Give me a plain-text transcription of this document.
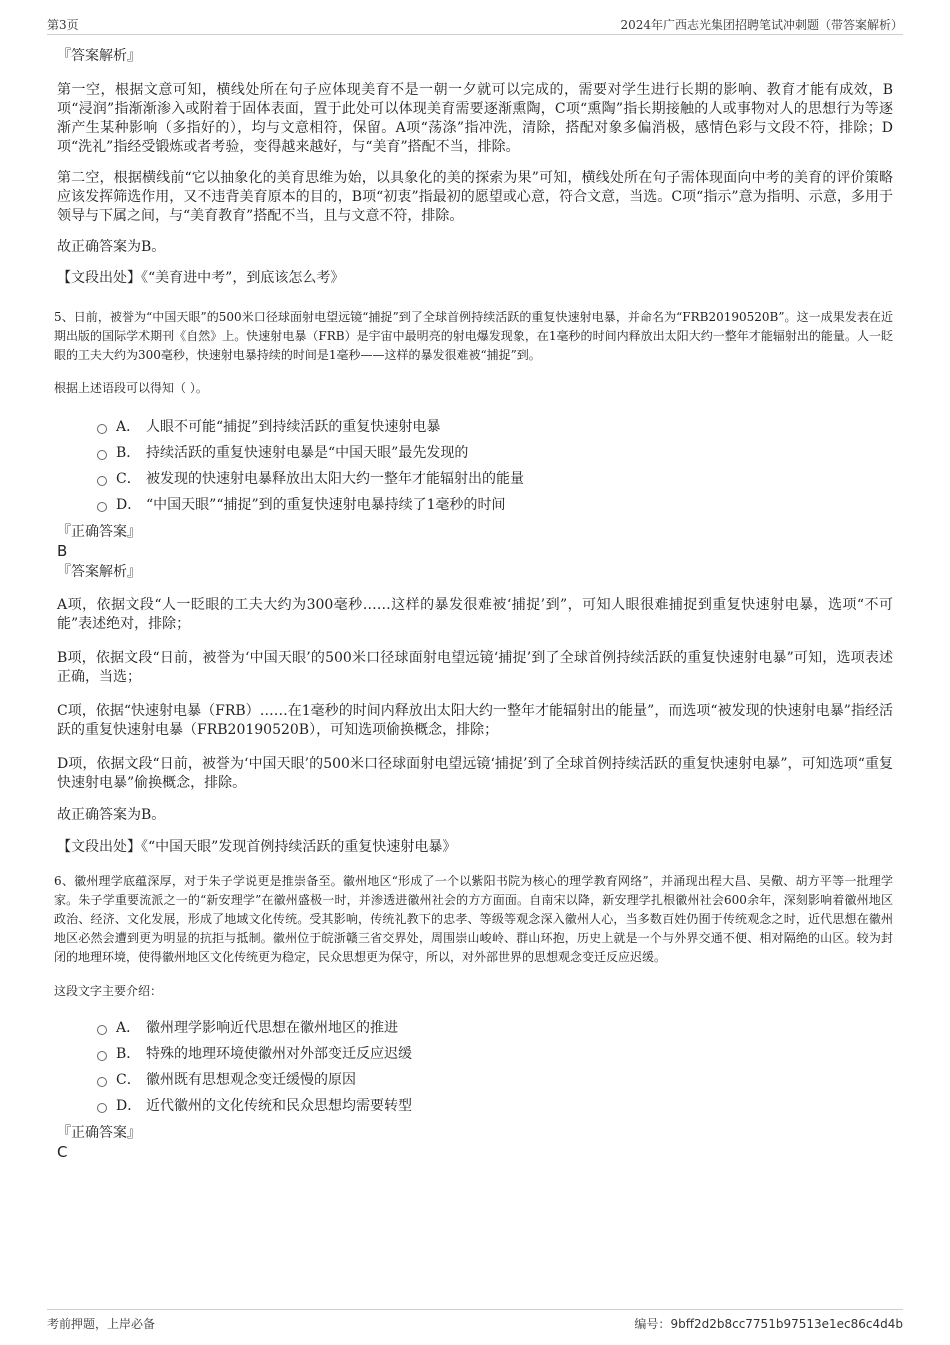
第3页	2024年广西志光集团招聘笔试冲刺题（带答案解析）

『答案解析』

第一空，根据文意可知，横线处所在句子应体现美育不是一朝一夕就可以完成的，需要对学生进行长期的影响、教育才能有成效，B项“浸润”指渐渐渗入或附着于固体表面，置于此处可以体现美育需要逐渐熏陶，C项“熏陶”指长期接触的人或事物对人的思想行为等逐渐产生某种影响（多指好的），均与文意相符，保留。A项“荡涤”指冲洗，清除，搭配对象多偏消极，感情色彩与文段不符，排除；D项“洗礼”指经受锻炼或者考验，变得越来越好，与“美育”搭配不当，排除。

第二空，根据横线前“它以抽象化的美育思维为始，以具象化的美的探索为果”可知，横线处所在句子需体现面向中考的美育的评价策略应该发挥筛选作用，又不违背美育原本的目的，B项“初衷”指最初的愿望或心意，符合文意，当选。C项“指示”意为指明、示意，多用于领导与下属之间，与“美育教育”搭配不当，且与文意不符，排除。

故正确答案为B。

【文段出处】《“美育进中考”，到底该怎么考》

5、日前，被誉为“中国天眼”的500米口径球面射电望远镜“捕捉”到了全球首例持续活跃的重复快速射电暴，并命名为“FRB20190520B”。这一成果发表在近期出版的国际学术期刊《自然》上。快速射电暴（FRB）是宇宙中最明亮的射电爆发现象，在1毫秒的时间内释放出太阳大约一整年才能辐射出的能量。人一眨眼的工夫大约为300毫秒，快速射电暴持续的时间是1毫秒——这样的暴发很难被“捕捉”到。

根据上述语段可以得知（ ）。

A． 人眼不可能“捕捉”到持续活跃的重复快速射电暴
B． 持续活跃的重复快速射电暴是“中国天眼”最先发现的
C． 被发现的快速射电暴释放出太阳大约一整年才能辐射出的能量
D． “中国天眼”“捕捉”到的重复快速射电暴持续了1毫秒的时间

『正确答案』

B

『答案解析』

A项，依据文段“人一眨眼的工夫大约为300毫秒……这样的暴发很难被‘捕捉’到”，可知人眼很难捕捉到重复快速射电暴，选项“不可能”表述绝对，排除；

B项，依据文段“日前，被誉为‘中国天眼’的500米口径球面射电望远镜‘捕捉’到了全球首例持续活跃的重复快速射电暴”可知，选项表述正确，当选；

C项，依据“快速射电暴（FRB）……在1毫秒的时间内释放出太阳大约一整年才能辐射出的能量”，而选项“被发现的快速射电暴”指经活跃的重复快速射电暴（FRB20190520B），可知选项偷换概念，排除；

D项，依据文段“日前，被誉为‘中国天眼’的500米口径球面射电望远镜‘捕捉’到了全球首例持续活跃的重复快速射电暴”，可知选项“重复快速射电暴”偷换概念，排除。

故正确答案为B。

【文段出处】《“中国天眼”发现首例持续活跃的重复快速射电暴》

6、徽州理学底蕴深厚，对于朱子学说更是推崇备至。徽州地区“形成了一个以紫阳书院为核心的理学教育网络”，并涌现出程大昌、吴儆、胡方平等一批理学家。朱子学重要流派之一的“新安理学”在徽州盛极一时，并渗透进徽州社会的方方面面。自南宋以降，新安理学扎根徽州社会600余年，深刻影响着徽州地区政治、经济、文化发展，形成了地域文化传统。受其影响，传统礼教下的忠孝、等级等观念深入徽州人心，当多数百姓仍囿于传统观念之时，近代思想在徽州地区必然会遭到更为明显的抗拒与抵制。徽州位于皖浙赣三省交界处，周围崇山峻岭、群山环抱，历史上就是一个与外界交通不便、相对隔绝的山区。较为封闭的地理环境，使得徽州地区文化传统更为稳定，民众思想更为保守，所以，对外部世界的思想观念变迁反应迟缓。

这段文字主要介绍：

A． 徽州理学影响近代思想在徽州地区的推进
B． 特殊的地理环境使徽州对外部变迁反应迟缓
C． 徽州既有思想观念变迁缓慢的原因
D． 近代徽州的文化传统和民众思想均需要转型

『正确答案』

C

考前押题，上岸必备	编号：9bff2d2b8cc7751b97513e1ec86c4d4b
